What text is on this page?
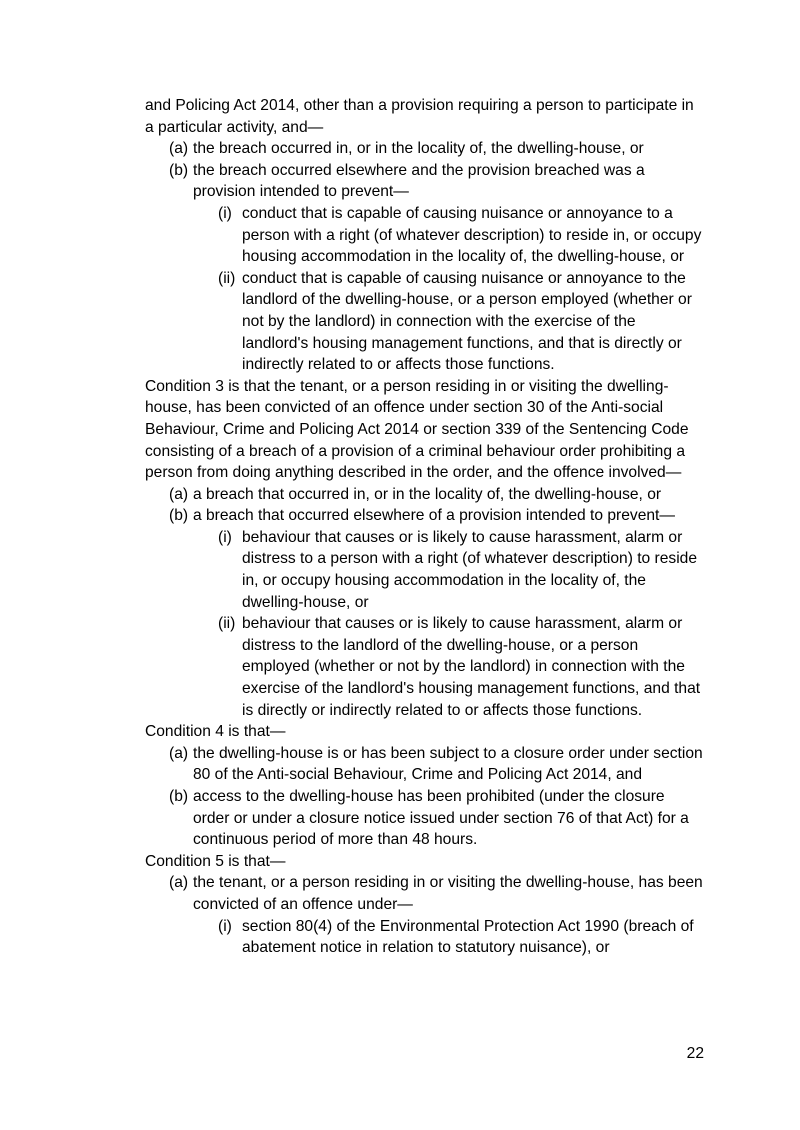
and Policing Act 2014, other than a provision requiring a person to participate in a particular activity, and—

(a) the breach occurred in, or in the locality of, the dwelling-house, or
(b) the breach occurred elsewhere and the provision breached was a provision intended to prevent—
(i) conduct that is capable of causing nuisance or annoyance to a person with a right (of whatever description) to reside in, or occupy housing accommodation in the locality of, the dwelling-house, or
(ii) conduct that is capable of causing nuisance or annoyance to the landlord of the dwelling-house, or a person employed (whether or not by the landlord) in connection with the exercise of the landlord's housing management functions, and that is directly or indirectly related to or affects those functions.

Condition 3 is that the tenant, or a person residing in or visiting the dwelling-house, has been convicted of an offence under section 30 of the Anti-social Behaviour, Crime and Policing Act 2014 or section 339 of the Sentencing Code consisting of a breach of a provision of a criminal behaviour order prohibiting a person from doing anything described in the order, and the offence involved—

(a) a breach that occurred in, or in the locality of, the dwelling-house, or
(b) a breach that occurred elsewhere of a provision intended to prevent—
(i) behaviour that causes or is likely to cause harassment, alarm or distress to a person with a right (of whatever description) to reside in, or occupy housing accommodation in the locality of, the dwelling-house, or
(ii) behaviour that causes or is likely to cause harassment, alarm or distress to the landlord of the dwelling-house, or a person employed (whether or not by the landlord) in connection with the exercise of the landlord's housing management functions, and that is directly or indirectly related to or affects those functions.

Condition 4 is that—

(a) the dwelling-house is or has been subject to a closure order under section 80 of the Anti-social Behaviour, Crime and Policing Act 2014, and
(b) access to the dwelling-house has been prohibited (under the closure order or under a closure notice issued under section 76 of that Act) for a continuous period of more than 48 hours.

Condition 5 is that—

(a) the tenant, or a person residing in or visiting the dwelling-house, has been convicted of an offence under—
(i) section 80(4) of the Environmental Protection Act 1990 (breach of abatement notice in relation to statutory nuisance), or
22
